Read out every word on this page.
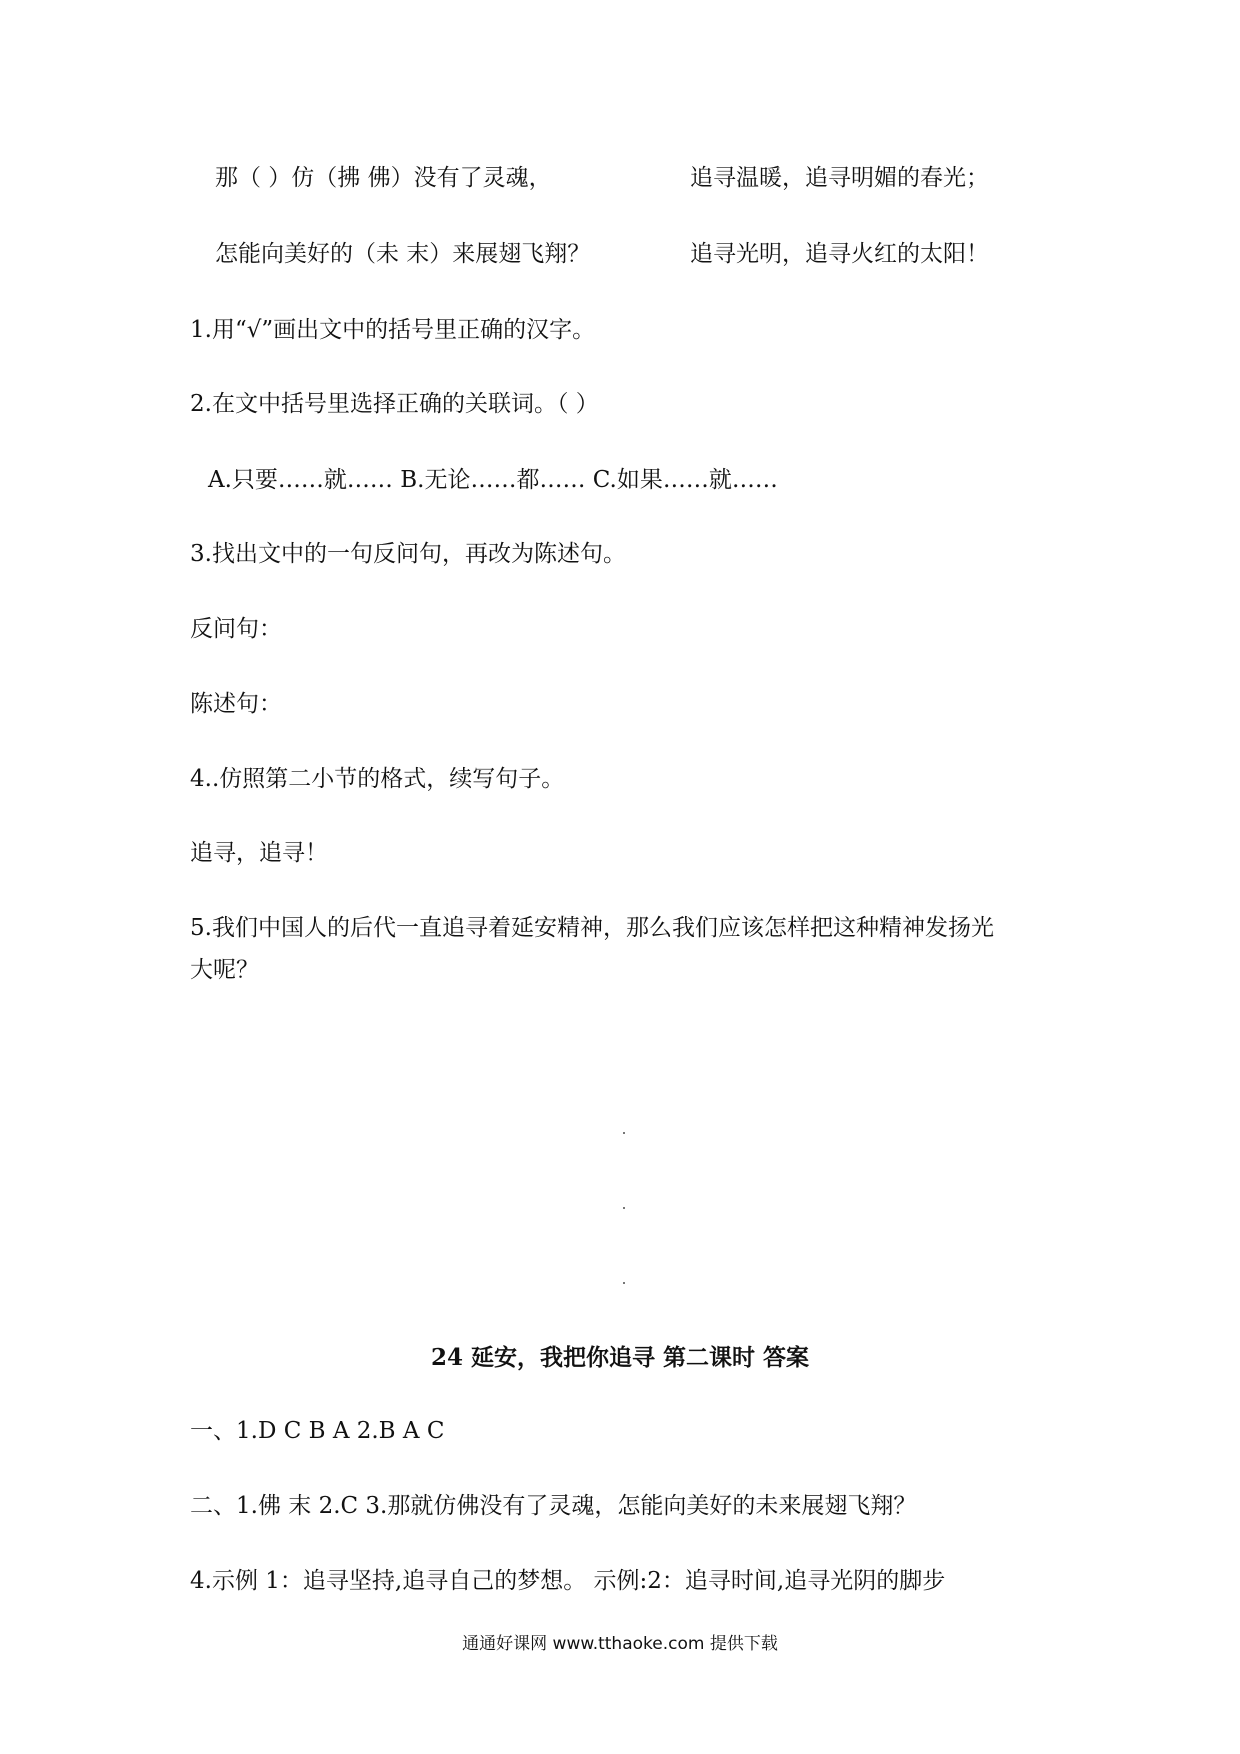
那（ ）仿（拂 佛）没有了灵魂，	追寻温暖，追寻明媚的春光；
怎能向美好的（未 末）来展翅飞翔？	追寻光明，追寻火红的太阳！
1.用“√”画出文中的括号里正确的汉字。
2.在文中括号里选择正确的关联词。（ ）
A.只要……就…… B.无论……都…… C.如果……就……
3.找出文中的一句反问句，再改为陈述句。
反问句：
陈述句：
4..仿照第二小节的格式，续写句子。
追寻，追寻！
5.我们中国人的后代一直追寻着延安精神，那么我们应该怎样把这种精神发扬光
大呢？
24 延安，我把你追寻 第二课时 答案
一、1.D C B A 2.B A C
二、1.佛 末 2.C 3.那就仿佛没有了灵魂，怎能向美好的未来展翅飞翔？
4.示例 1：追寻坚持,追寻自己的梦想。 示例:2：追寻时间,追寻光阴的脚步
通通好课网 www.tthaoke.com 提供下载
